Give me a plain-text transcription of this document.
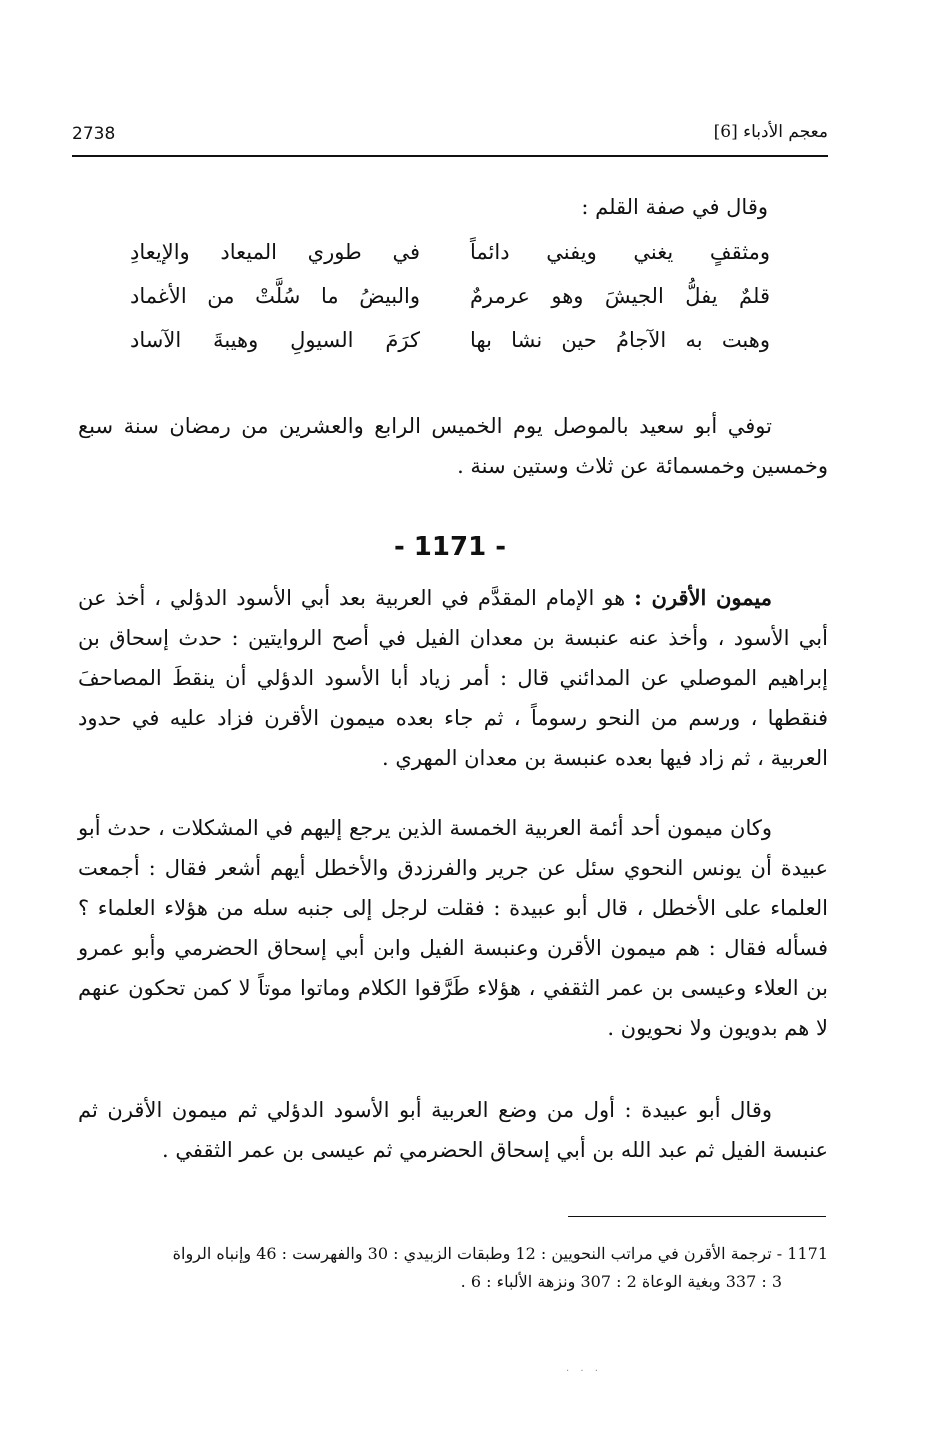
2738	معجم الأدباء [6]
وقال في صفة القلم :
ومثقفٍ يغني ويفني دائماً
في طوري الميعاد والإيعادِ
قلمٌ يفلُّ الجيشَ وهو عرمرمٌ
والبيضُ ما سُلَّتْ من الأغماد
وهبت به الآجامُ حين نشا بها
كرَمَ السيولِ وهيبةَ الآساد
توفي أبو سعيد بالموصل يوم الخميس الرابع والعشرين من رمضان سنة سبع وخمسين وخمسمائة عن ثلاث وستين سنة .
- 1171 -
ميمون الأقرن : هو الإمام المقدَّم في العربية بعد أبي الأسود الدؤلي ، أخذ عن أبي الأسود ، وأخذ عنه عنبسة بن معدان الفيل في أصح الروايتين : حدث إسحاق بن إبراهيم الموصلي عن المدائني قال : أمر زياد أبا الأسود الدؤلي أن ينقطَ المصاحفَ فنقطها ، ورسم من النحو رسوماً ، ثم جاء بعده ميمون الأقرن فزاد عليه في حدود العربية ، ثم زاد فيها بعده عنبسة بن معدان المهري .
وكان ميمون أحد أئمة العربية الخمسة الذين يرجع إليهم في المشكلات ، حدث أبو عبيدة أن يونس النحوي سئل عن جرير والفرزدق والأخطل أيهم أشعر فقال : أجمعت العلماء على الأخطل ، قال أبو عبيدة : فقلت لرجل إلى جنبه سله من هؤلاء العلماء ؟ فسأله فقال : هم ميمون الأقرن وعنبسة الفيل وابن أبي إسحاق الحضرمي وأبو عمرو بن العلاء وعيسى بن عمر الثقفي ، هؤلاء طَرَّقوا الكلام وماتوا موتاً لا كمن تحكون عنهم لا هم بدويون ولا نحويون .
وقال أبو عبيدة : أول من وضع العربية أبو الأسود الدؤلي ثم ميمون الأقرن ثم عنبسة الفيل ثم عبد الله بن أبي إسحاق الحضرمي ثم عيسى بن عمر الثقفي .
1171 - ترجمة الأقرن في مراتب النحويين : 12 وطبقات الزبيدي : 30 والفهرست : 46 وإنباه الرواة
3 : 337 وبغية الوعاة 2 : 307 ونزهة الألباء : 6 .
. . .
